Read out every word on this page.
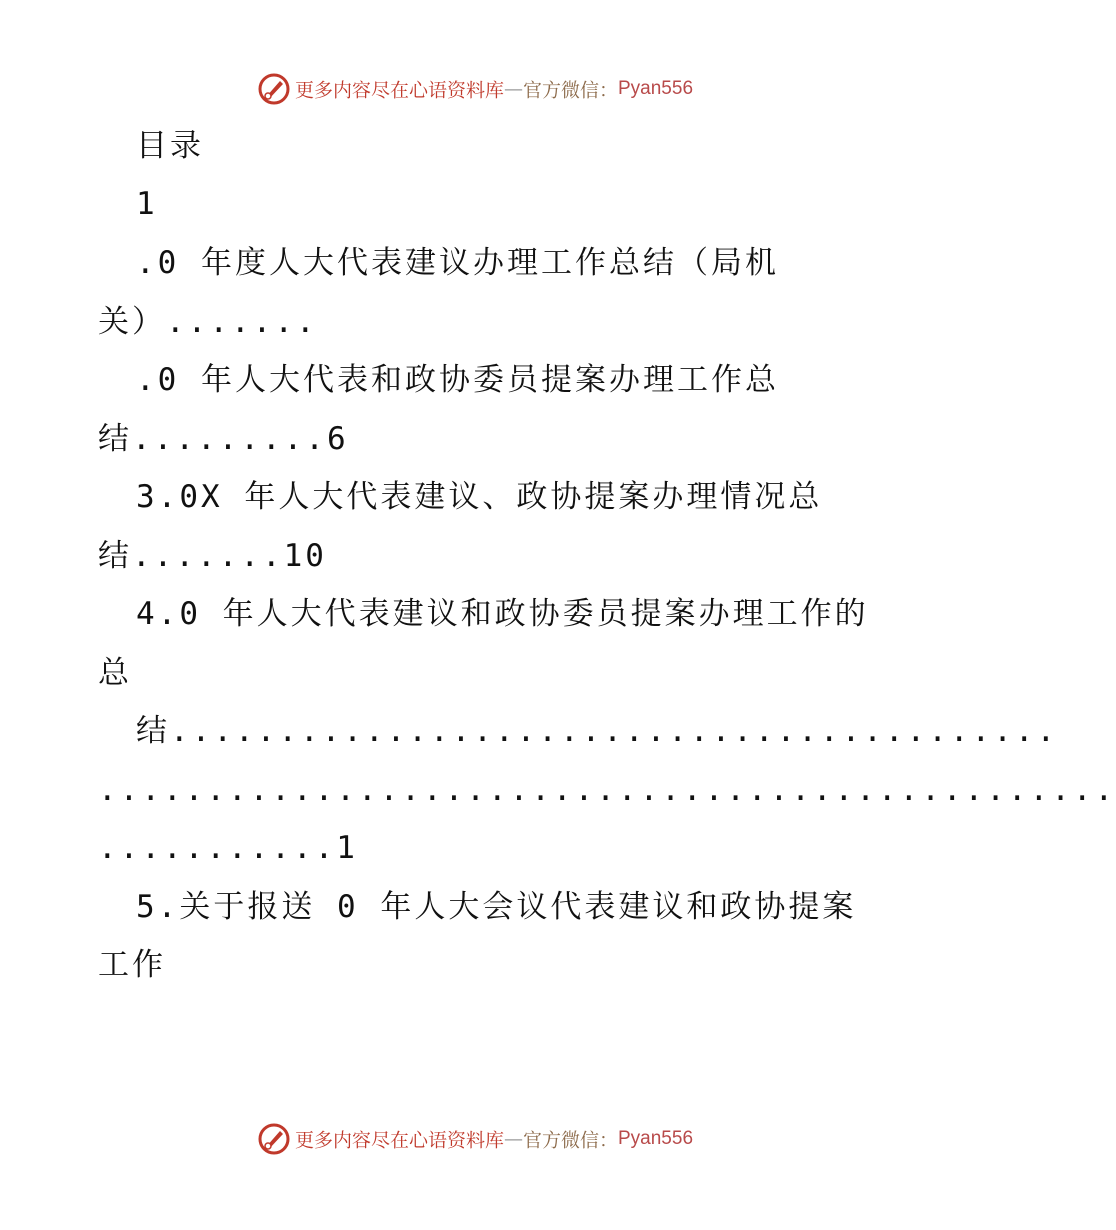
更多内容尽在心语资料库—官方微信：Pyan556
目录
1
.0 年度人大代表建议办理工作总结（局机
关）.......
.0 年人大代表和政协委员提案办理工作总
结.........6
3.0X 年人大代表建议、政协提案办理情况总
结.......10
4.0 年人大代表建议和政协委员提案办理工作的
总
结.........................................
...............................................
...........1
5.关于报送 0 年人大会议代表建议和政协提案
工作
更多内容尽在心语资料库—官方微信：Pyan556
